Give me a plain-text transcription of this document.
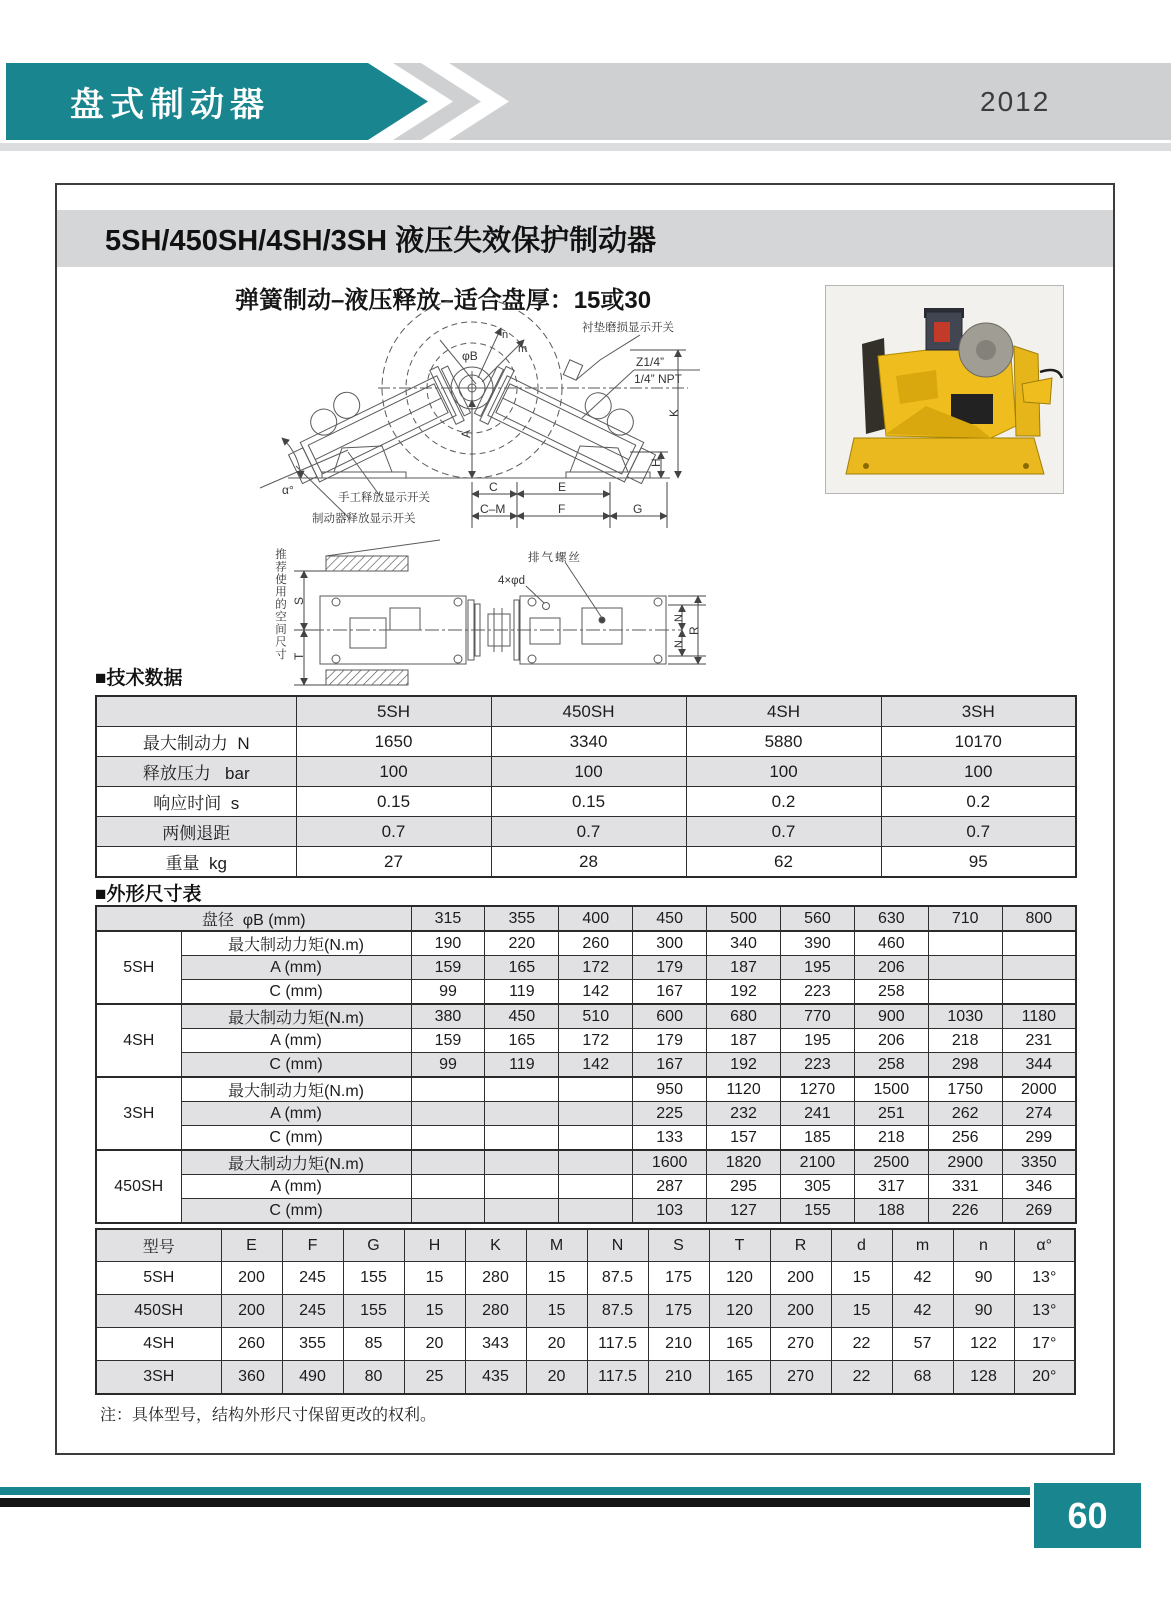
盘式制动器	2012
5SH/450SH/4SH/3SH 液压失效保护制动器
弹簧制动–液压释放–适合盘厚：15或30
衬垫磨损显示开关
Z1/4”
1/4” NPT
φB
n
m
A
K
H
α°
手工释放显示开关
制动器释放显示开关
C	E
C–M	F	G
排气螺丝
4×φd
S
T
N
N
R
推荐使用的空间尺寸
■技术数据
	5SH	450SH	4SH	3SH
最大制动力  N	1650	3340	5880	10170
释放压力   bar	100	100	100	100
响应时间  s	0.15	0.15	0.2	0.2
两侧退距	0.7	0.7	0.7	0.7
重量  kg	27	28	62	95
■外形尺寸表
盘径  φB (mm)		315	355	400	450	500	560	630	710	800
5SH	最大制动力矩(N.m)	190	220	260	300	340	390	460		
	A (mm)	159	165	172	179	187	195	206		
	C (mm)	99	119	142	167	192	223	258		
4SH	最大制动力矩(N.m)	380	450	510	600	680	770	900	1030	1180
	A (mm)	159	165	172	179	187	195	206	218	231
	C (mm)	99	119	142	167	192	223	258	298	344
3SH	最大制动力矩(N.m)				950	1120	1270	1500	1750	2000
	A (mm)				225	232	241	251	262	274
	C (mm)				133	157	185	218	256	299
450SH	最大制动力矩(N.m)				1600	1820	2100	2500	2900	3350
	A (mm)				287	295	305	317	331	346
	C (mm)				103	127	155	188	226	269
型号	E	F	G	H	K	M	N	S	T	R	d	m	n	α°
5SH	200	245	155	15	280	15	87.5	175	120	200	15	42	90	13°
450SH	200	245	155	15	280	15	87.5	175	120	200	15	42	90	13°
4SH	260	355	85	20	343	20	117.5	210	165	270	22	57	122	17°
3SH	360	490	80	25	435	20	117.5	210	165	270	22	68	128	20°
注：具体型号，结构外形尺寸保留更改的权利。
60
